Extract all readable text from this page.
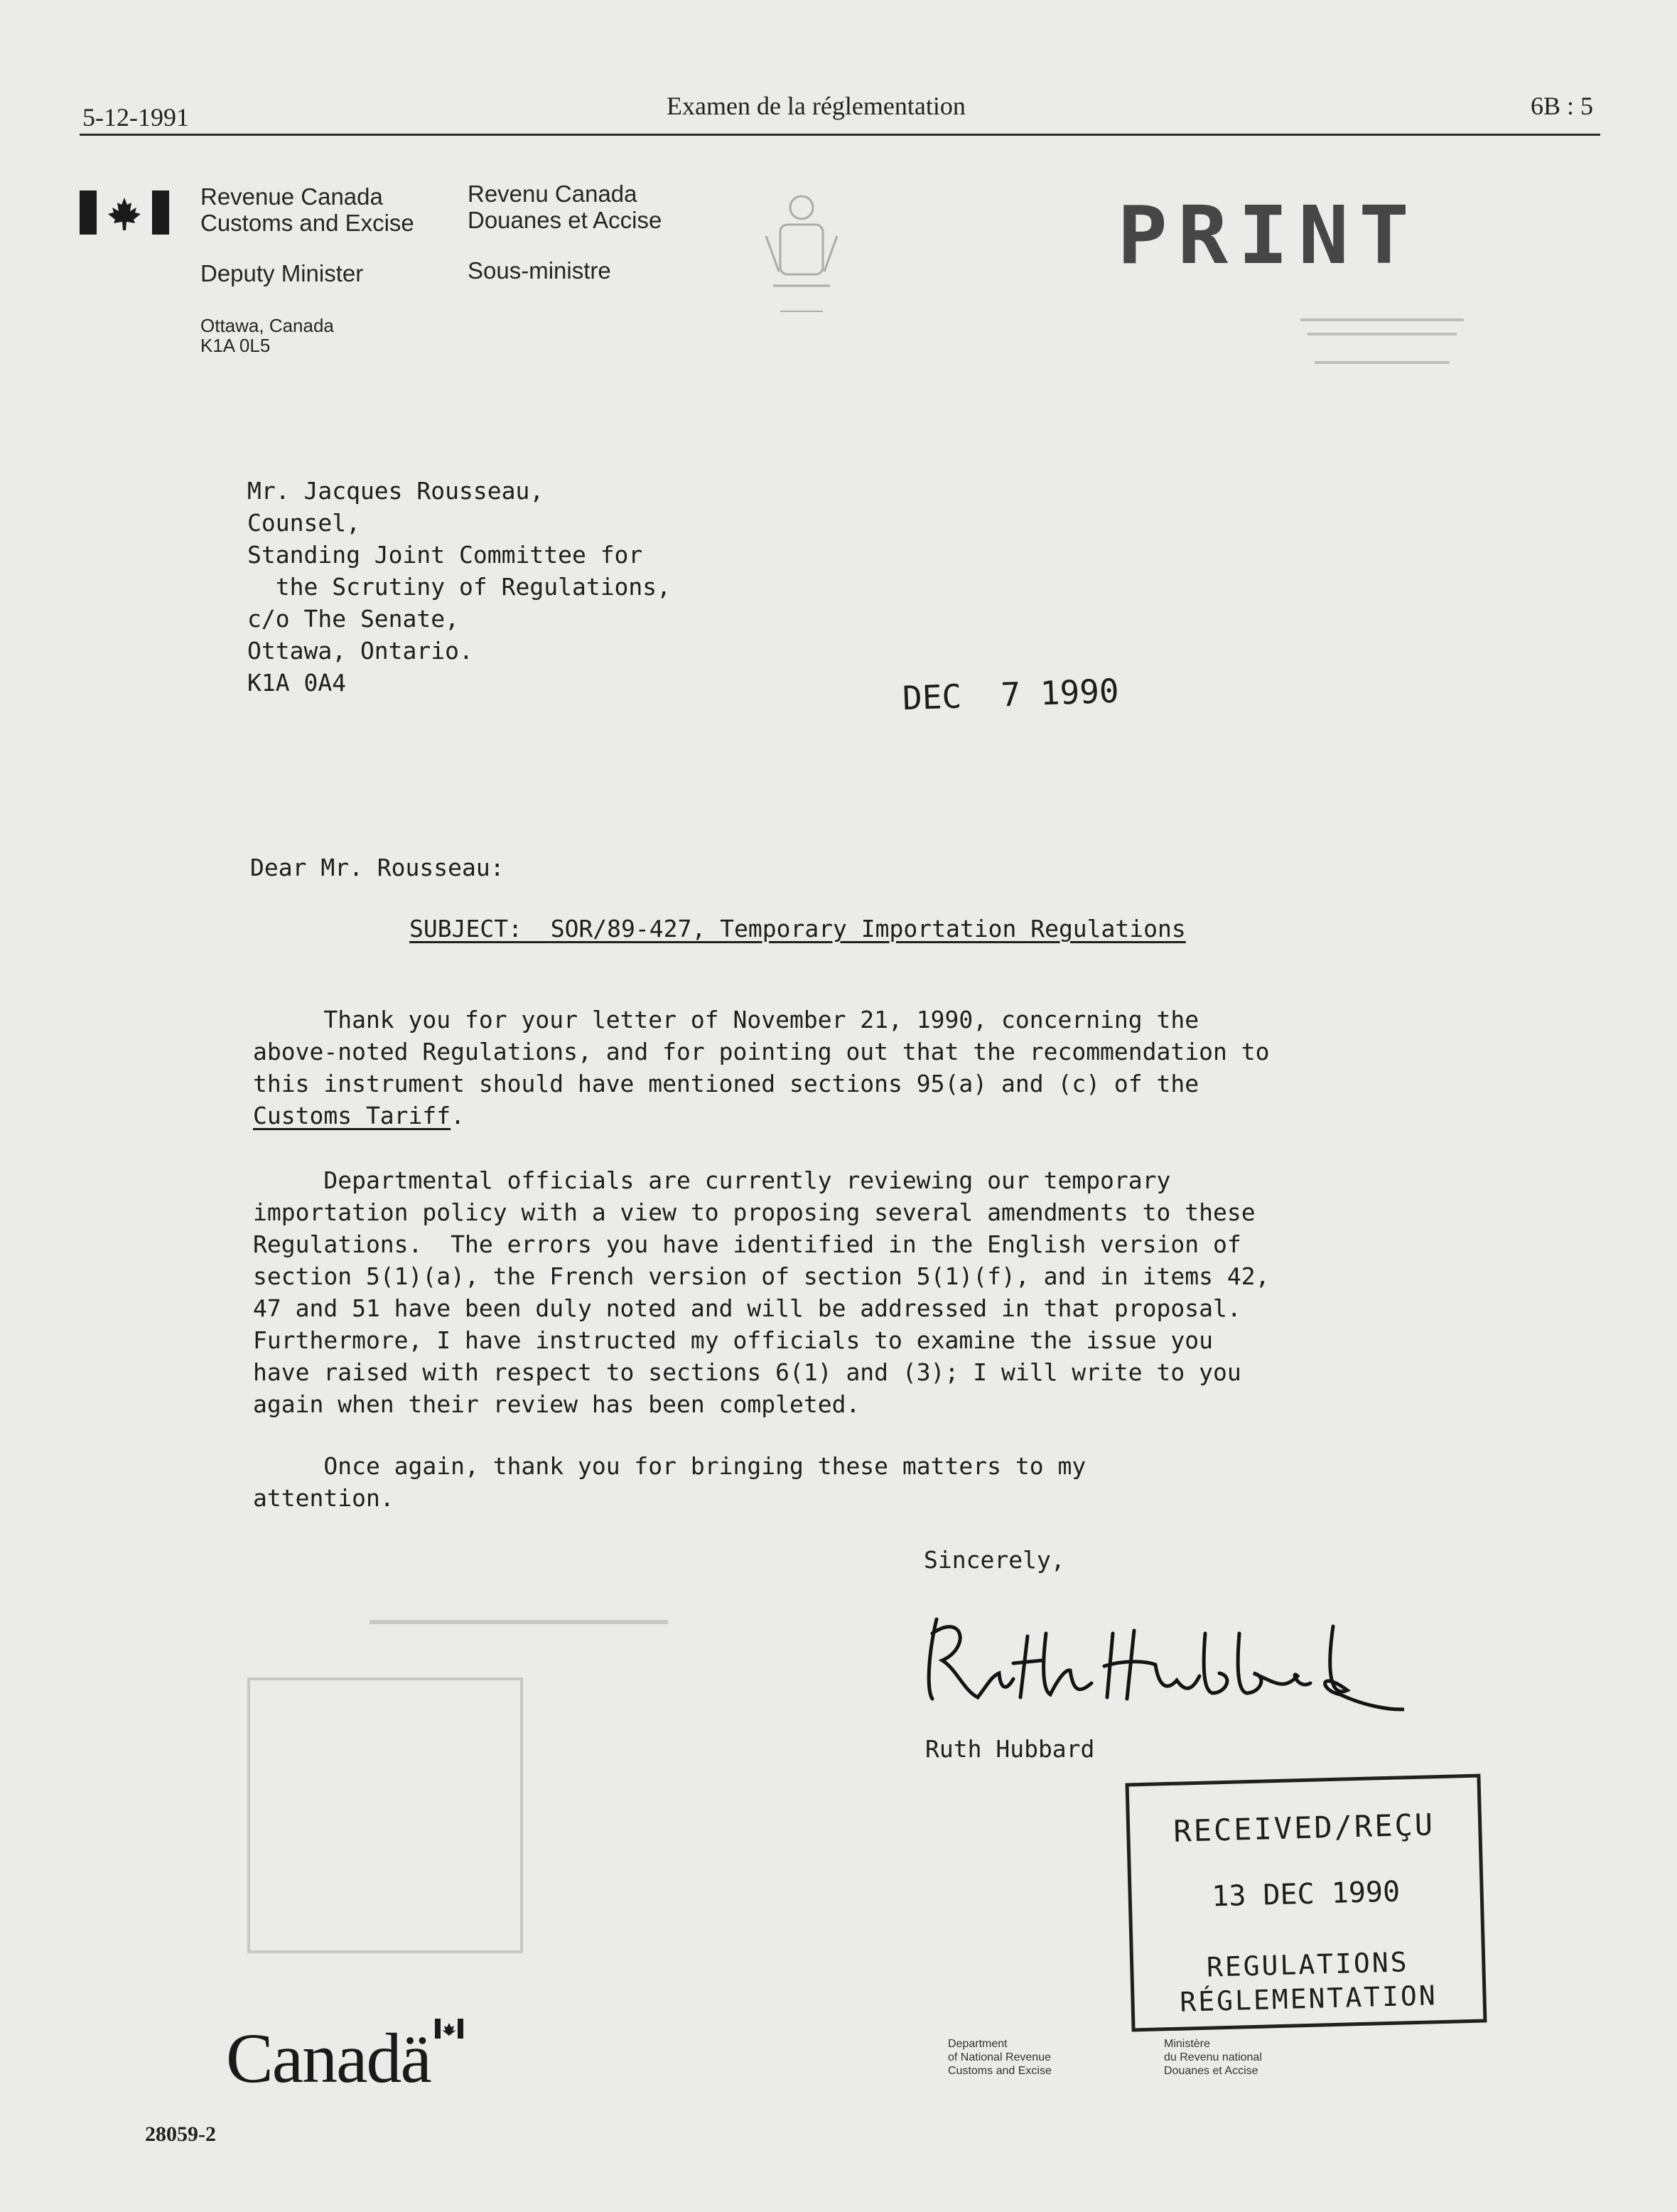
5-12-1991	Examen de la réglementation	6B : 5
Revenue Canada
Customs and Excise
Revenu Canada
Douanes et Accise
Deputy Minister	Sous-ministre
Ottawa, Canada
K1A 0L5
PRINT
Mr. Jacques Rousseau,
Counsel,
Standing Joint Committee for
the Scrutiny of Regulations,
c/o The Senate,
Ottawa, Ontario.
K1A 0A4	DEC  7 1990
Dear Mr. Rousseau:
SUBJECT: SOR/89-427, Temporary Importation Regulations
Thank you for your letter of November 21, 1990, concerning the
above-noted Regulations, and for pointing out that the recommendation to
this instrument should have mentioned sections 95(a) and (c) of the
Customs Tariff.
Departmental officials are currently reviewing our temporary
importation policy with a view to proposing several amendments to these
Regulations.  The errors you have identified in the English version of
section 5(1)(a), the French version of section 5(1)(f), and in items 42,
47 and 51 have been duly noted and will be addressed in that proposal.
Furthermore, I have instructed my officials to examine the issue you
have raised with respect to sections 6(1) and (3); I will write to you
again when their review has been completed.
Once again, thank you for bringing these matters to my
attention.
Sincerely,
Ruth Hubbard
RECEIVED/REÇU
13 DEC 1990
REGULATIONS
RÉGLEMENTATION
Canadä	Department
of National Revenue
Customs and Excise
Ministère
du Revenu national
Douanes et Accise
28059-2
